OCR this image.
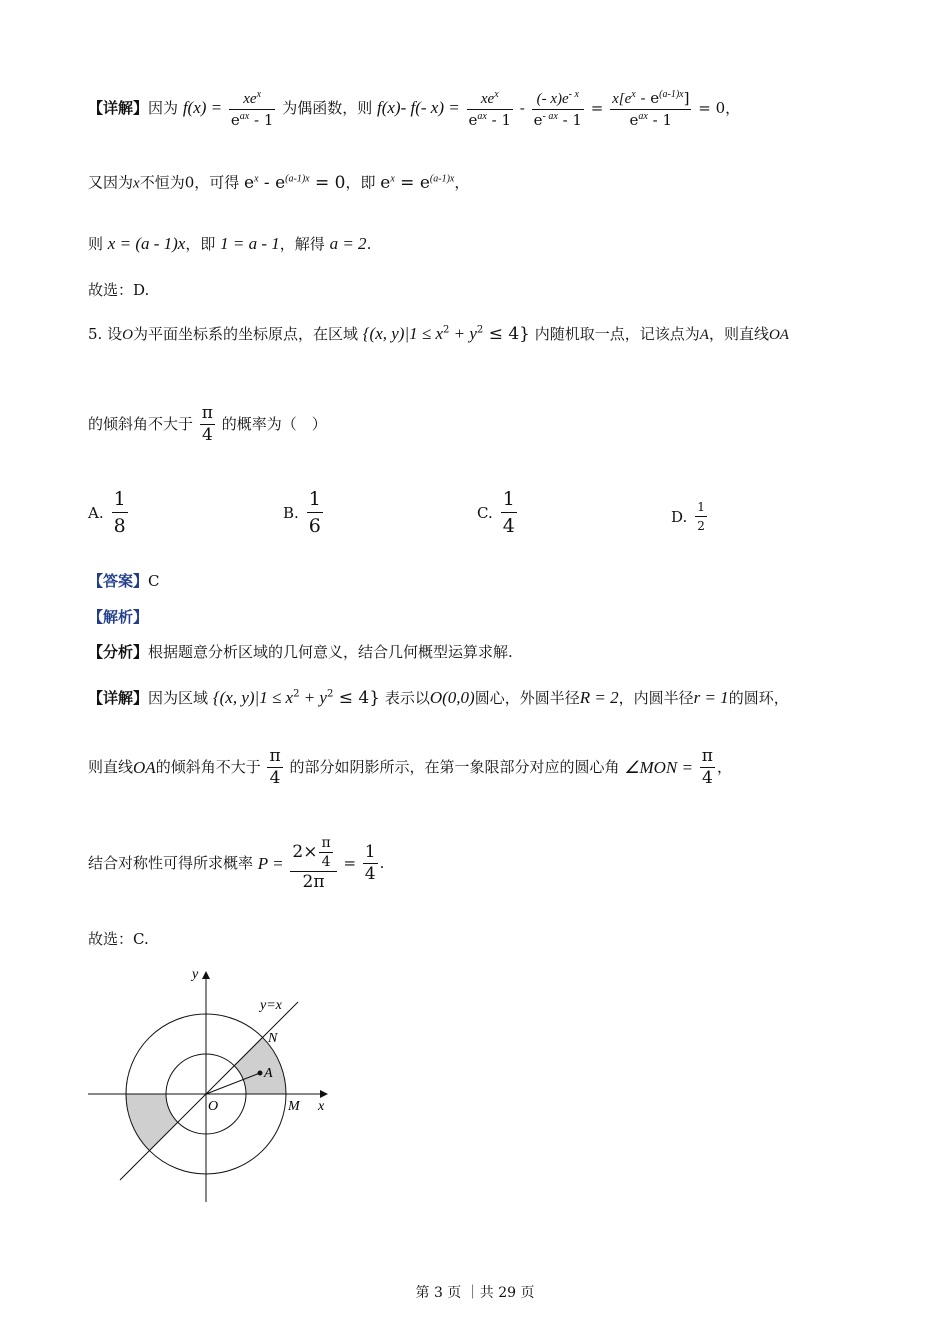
【详解】因为 $f(x) = \frac{xe^x}{e^{ax} - 1}$ 为偶函数，则 f(x)- f(- $x) = \frac{xe^x}{e^{ax} - 1} - \frac{(- x)e^{- x}}{e^{- ax} - 1} = \frac{x[e^x - e^{(a-1)x}]}{e^{ax} - 1} = 0$，
又因为x不恒为0，可得 $e^x - e^{(a-1)x} = 0$，即 $e^x = e^{(a-1)x}$，
则 x = (a - 1)x，即 1 = a - 1，解得 a = 2.
故选：D.
5. 设O为平面坐标系的坐标原点，在区域 {(x, $y)|1 \le x^2 + y^2 \le 4$} 内随机取一点，记该点为A，则直线OA
的倾斜角不大于 $\frac{\pi}{4}$ 的概率为（　）
A. $\frac{1}{8}$	B. $\frac{1}{6}$	C. $\frac{1}{4}$	D. $\frac{1}{2}$
【答案】C
【解析】
【分析】根据题意分析区域的几何意义，结合几何概型运算求解.
【详解】因为区域 {(x, $y)|1 \le x^2 + y^2 \le 4$} 表示以O(0,0)圆心，外圆半径R = 2，内圆半径r = 1的圆环，
则直线OA的倾斜角不大于 $\frac{\pi}{4}$ 的部分如阴影所示，在第一象限部分对应的圆心角 ∠MON = $\frac{\pi}{4}$ ，
结合对称性可得所求概率 $P = \frac{2\times \frac{\pi}{4}}{2\pi} = \frac{1}{4}$ .
故选：C.
y
x
y=x
N
A
O	M
第 3 页 ｜共 29 页
